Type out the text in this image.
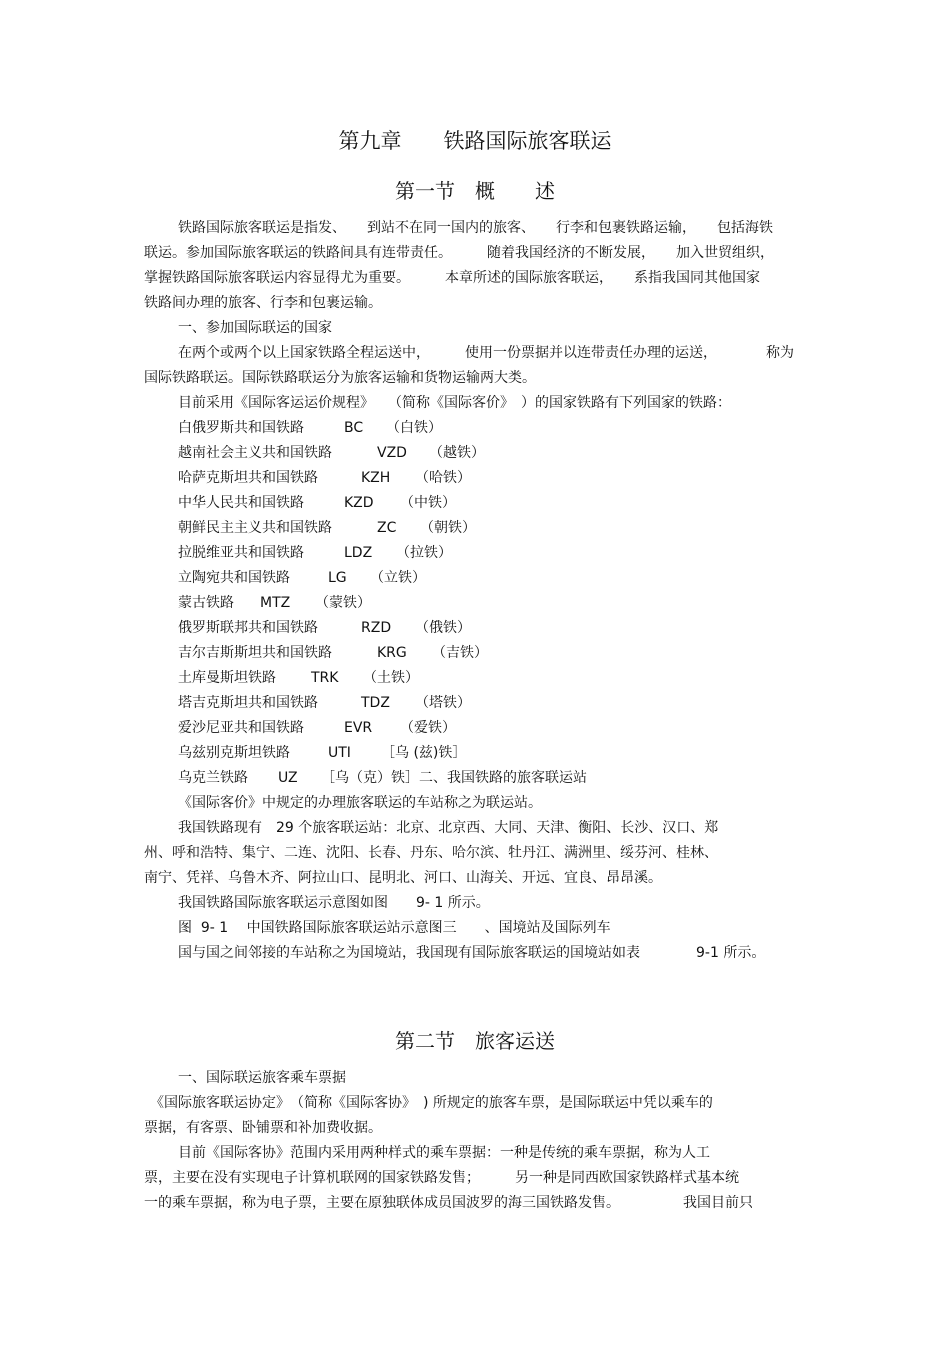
第九章　　铁路国际旅客联运
第一节　概　　述
铁路国际旅客联运是指发、　　到站不在同一国内的旅客、　　行李和包裹铁路运输，　　包括海铁
联运。参加国际旅客联运的铁路间具有连带责任。　　　随着我国经济的不断发展，　　加入世贸组织，
掌握铁路国际旅客联运内容显得尤为重要。　　　本章所述的国际旅客联运，　　系指我国同其他国家
铁路间办理的旅客、行李和包裹运输。
一、参加国际联运的国家
在两个或两个以上国家铁路全程运送中，　　　使用一份票据并以连带责任办理的运送，　　　　称为
国际铁路联运。国际铁路联运分为旅客运输和货物运输两大类。
目前采用《国际客运运价规程》　　（简称《国际客价》　）的国家铁路有下列国家的铁路：
白俄罗斯共和国铁路	BC （白铁）
越南社会主义共和国铁路	VZD （越铁）
哈萨克斯坦共和国铁路	KZH （哈铁）
中华人民共和国铁路	KZD （中铁）
朝鲜民主主义共和国铁路	ZC （朝铁）
拉脱维亚共和国铁路	LDZ （拉铁）
立陶宛共和国铁路	LG （立铁）
蒙古铁路 MTZ （蒙铁）
俄罗斯联邦共和国铁路	RZD （俄铁）
吉尔吉斯斯坦共和国铁路	KRG （吉铁）
土库曼斯坦铁路	TRK （土铁）
塔吉克斯坦共和国铁路	TDZ （塔铁）
爱沙尼亚共和国铁路	EVR （爱铁）
乌兹别克斯坦铁路	UTI ［乌 (兹)铁］
乌克兰铁路 UZ ［乌（克）铁］二、我国铁路的旅客联运站
《国际客价》中规定的办理旅客联运的车站称之为联运站。
我国铁路现有　29 个旅客联运站：北京、北京西、大同、天津、衡阳、长沙、汉口、郑
州、呼和浩特、集宁、二连、沈阳、长春、丹东、哈尔滨、牡丹江、满洲里、绥芬河、桂林、
南宁、凭祥、乌鲁木齐、阿拉山口、昆明北、河口、山海关、开远、宜良、昂昂溪。
我国铁路国际旅客联运示意图如图　　9- 1 所示。
图  9- 1　 中国铁路国际旅客联运站示意图三　　、国境站及国际列车
国与国之间邻接的车站称之为国境站，我国现有国际旅客联运的国境站如表　　　　9-1 所示。
第二节　旅客运送
一、国际联运旅客乘车票据
《国际旅客联运协定》　（简称《国际客协》　) 所规定的旅客车票，是国际联运中凭以乘车的
票据，有客票、卧铺票和补加费收据。
目前《国际客协》范围内采用两种样式的乘车票据：一种是传统的乘车票据，称为人工
票，主要在没有实现电子计算机联网的国家铁路发售；　　　另一种是同西欧国家铁路样式基本统
一的乘车票据，称为电子票，主要在原独联体成员国波罗的海三国铁路发售。　　　　　我国目前只
